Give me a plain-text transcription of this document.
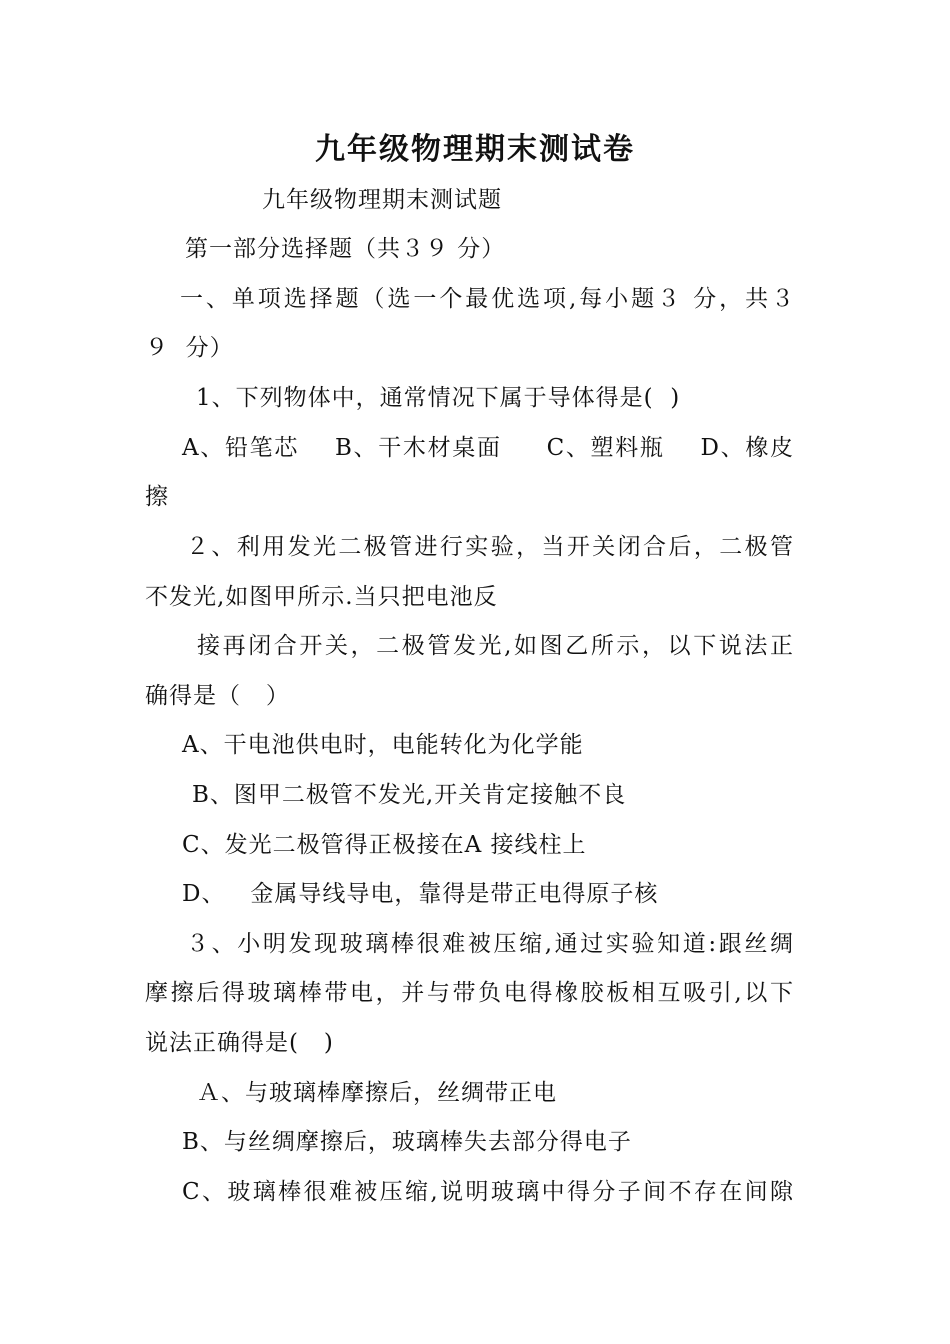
九年级物理期末测试卷
九年级物理期末测试题
第一部分选择题（共３９ 分）
一、单项选择题（选一个最优选项,每小题３ 分，共３
９  分）
1、下列物体中，通常情况下属于导体得是(  )
A、铅笔芯    B、干木材桌面     C、塑料瓶    D、橡皮
擦
２、利用发光二极管进行实验，当开关闭合后，二极管
不发光,如图甲所示.当只把电池反
接再闭合开关，二极管发光,如图乙所示，以下说法正
确得是（   ）
A、干电池供电时，电能转化为化学能
B、图甲二极管不发光,开关肯定接触不良
C、发光二极管得正极接在A 接线柱上
D、   金属导线导电，靠得是带正电得原子核
３、小明发现玻璃棒很难被压缩,通过实验知道:跟丝绸
摩擦后得玻璃棒带电，并与带负电得橡胶板相互吸引,以下
说法正确得是(   )
Ａ、与玻璃棒摩擦后，丝绸带正电
B、与丝绸摩擦后，玻璃棒失去部分得电子
C、玻璃棒很难被压缩,说明玻璃中得分子间不存在间隙
